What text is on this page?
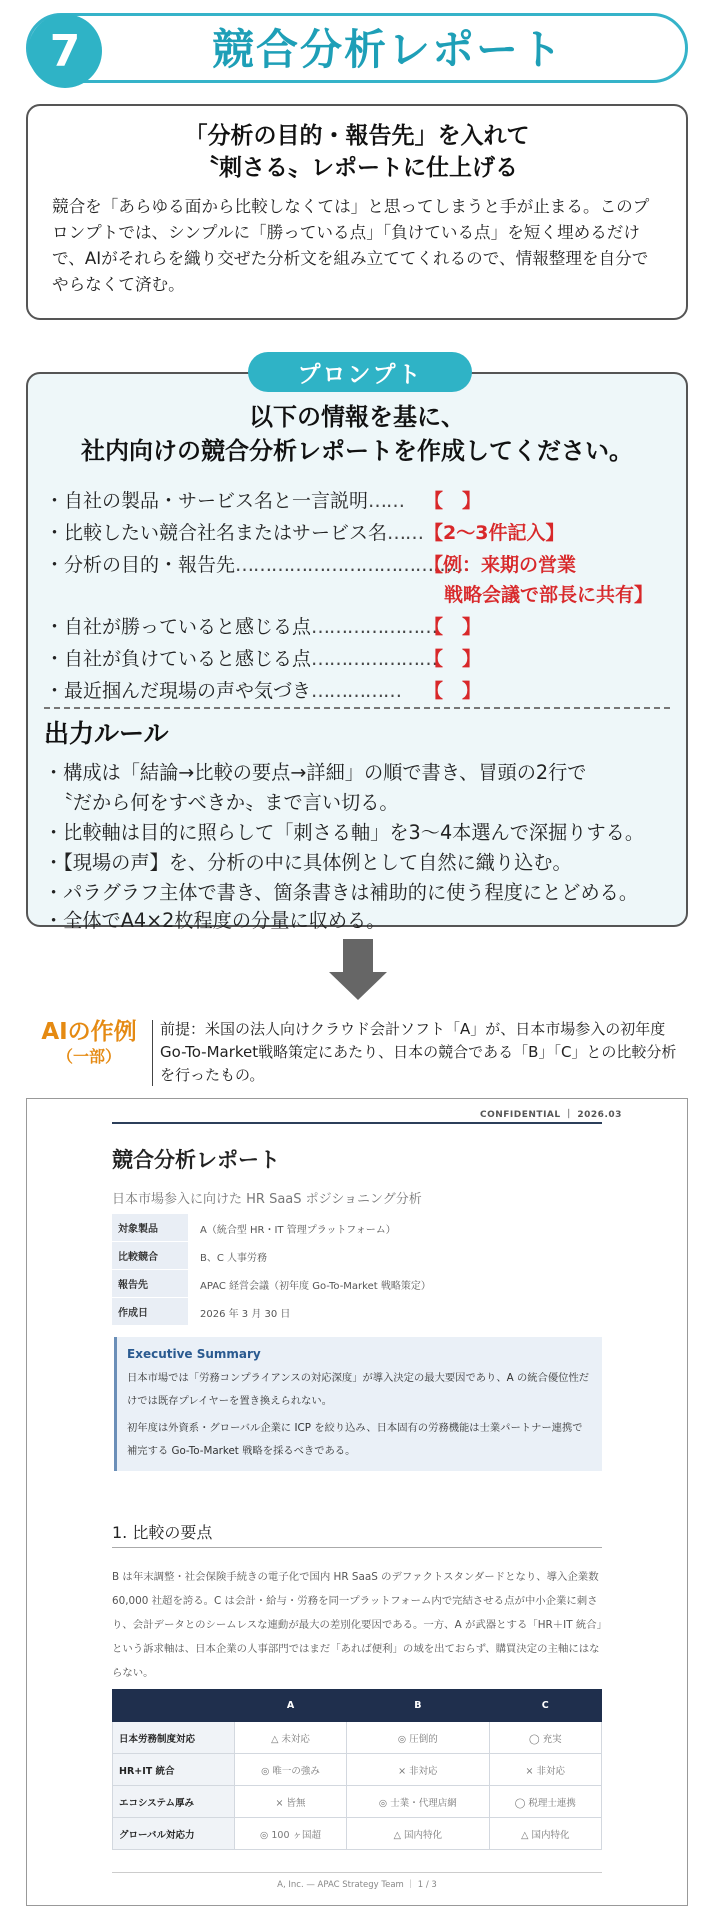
7	競合分析レポート
「分析の目的・報告先」を入れて
〝刺さる〟レポートに仕上げる
競合を「あらゆる面から比較しなくては」と思ってしまうと手が止まる。このプロンプトでは、シンプルに「勝っている点」「負けている点」を短く埋めるだけで、AIがそれらを織り交ぜた分析文を組み立ててくれるので、情報整理を自分でやらなくて済む。
プロンプト
以下の情報を基に、
社内向けの競合分析レポートを作成してください。
・自社の製品・サービス名と一言説明…… 【　】
・比較したい競合社名またはサービス名…… 【2〜3件記入】
・分析の目的・報告先…………………………………
【例：来期の営業
戦略会議で部長に共有】
・自社が勝っていると感じる点…………………
【　】
・自社が負けていると感じる点…………………
【　】
・最近掴んだ現場の声や気づき…………… 【　】
出力ルール
・構成は「結論→比較の要点→詳細」の順で書き、冒頭の2行で
　〝だから何をすべきか〟まで言い切る。
・比較軸は目的に照らして「刺さる軸」を3〜4本選んで深掘りする。
・【現場の声】を、分析の中に具体例として自然に織り込む。
・パラグラフ主体で書き、箇条書きは補助的に使う程度にとどめる。
・全体でA4×2枚程度の分量に収める。
AIの作例
（一部）
前提：米国の法人向けクラウド会計ソフト「A」が、日本市場参入の初年度Go-To-Market戦略策定にあたり、日本の競合である「B」「C」との比較分析を行ったもの。
CONFIDENTIAL ｜ 2026.03
競合分析レポート
日本市場参入に向けた HR SaaS ポジショニング分析
対象製品	A（統合型 HR・IT 管理プラットフォーム）
比較競合	B、C 人事労務
報告先	APAC 経営会議（初年度 Go-To-Market 戦略策定）
作成日	2026 年 3 月 30 日
Executive Summary
日本市場では「労務コンプライアンスの対応深度」が導入決定の最大要因であり、A の統合優位性だけでは既存プレイヤーを置き換えられない。
初年度は外資系・グローバル企業に ICP を絞り込み、日本固有の労務機能は士業パートナー連携で補完する Go-To-Market 戦略を採るべきである。
1. 比較の要点
B は年末調整・社会保険手続きの電子化で国内 HR SaaS のデファクトスタンダードとなり、導入企業数 60,000 社超を誇る。C は会計・給与・労務を同一プラットフォーム内で完結させる点が中小企業に刺さり、会計データとのシームレスな連動が最大の差別化要因である。一方、A が武器とする「HR＋IT 統合」という訴求軸は、日本企業の人事部門ではまだ「あれば便利」の域を出ておらず、購買決定の主軸にはならない。
	A	B	C
日本労務制度対応	△ 未対応	◎ 圧倒的	◯ 充実
HR+IT 統合	◎ 唯一の強み	× 非対応	× 非対応
エコシステム厚み	× 皆無	◎ 士業・代理店網	◯ 税理士連携
グローバル対応力	◎ 100 ヶ国超	△ 国内特化	△ 国内特化
A, Inc. — APAC Strategy Team ｜ 1 / 3
